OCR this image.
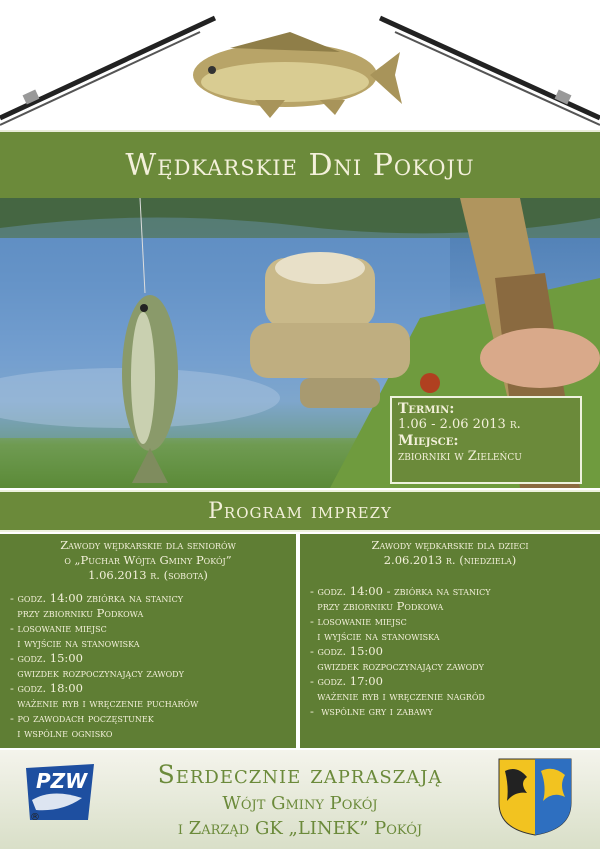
Wędkarskie Dni Pokoju
Termin:
1.06 - 2.06 2013 r.
Miejsce:
zbiorniki w Zieleńcu
Program imprezy
Zawody wędkarskie dla seniorów
o „Puchar Wójta Gminy Pokój”
1.06.2013 r. (sobota)
- godz. 14:00 zbiórka na stanicy
przy zbiorniku Podkowa
- losowanie miejsc
i wyjście na stanowiska
- godz. 15:00
gwizdek rozpoczynający zawody
- godz. 18:00
ważenie ryb i wręczenie pucharów
- po zawodach poczęstunek
i wspólne ognisko
Zawody wędkarskie dla dzieci
2.06.2013 r. (niedziela)
- godz. 14:00 - zbiórka na stanicy
przy zbiorniku Podkowa
- losowanie miejsc
i wyjście na stanowiska
- godz. 15:00
gwizdek rozpoczynający zawody
- godz. 17:00
ważenie ryb i wręczenie nagród
-  wspólne gry i zabawy
Serdecznie zapraszają
Wójt Gminy Pokój
i Zarząd GK „LINEK” Pokój
PZW
®
